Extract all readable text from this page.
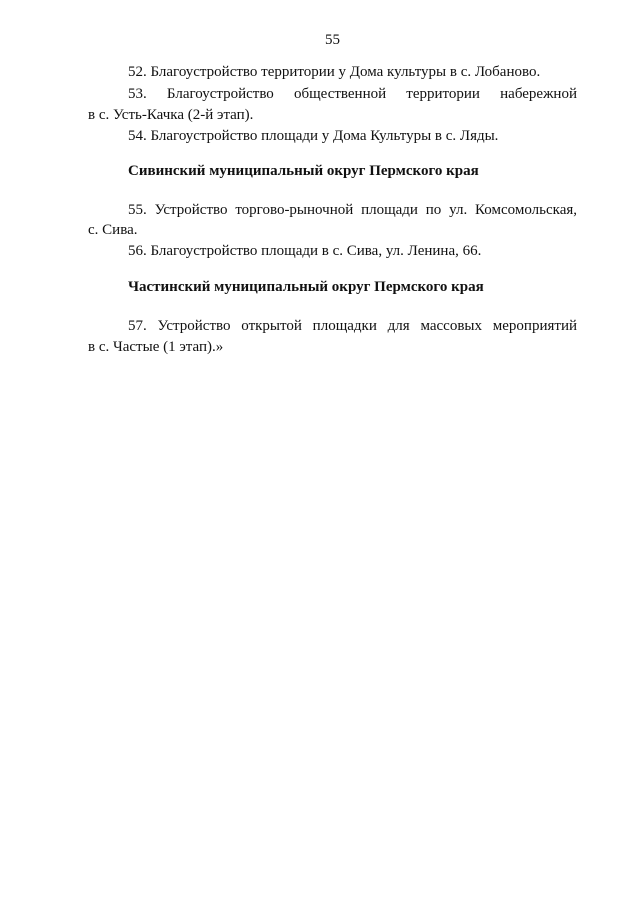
55
52. Благоустройство территории у Дома культуры в с. Лобаново.
53. Благоустройство общественной территории набережной
в с. Усть-Качка (2-й этап).
54. Благоустройство площади у Дома Культуры в с. Ляды.
Сивинский муниципальный округ Пермского края
55. Устройство торгово-рыночной площади по ул. Комсомольская,
с. Сива.
56. Благоустройство площади в с. Сива, ул. Ленина, 66.
Частинский муниципальный округ Пермского края
57. Устройство открытой площадки для массовых мероприятий
в с. Частые (1 этап).»
